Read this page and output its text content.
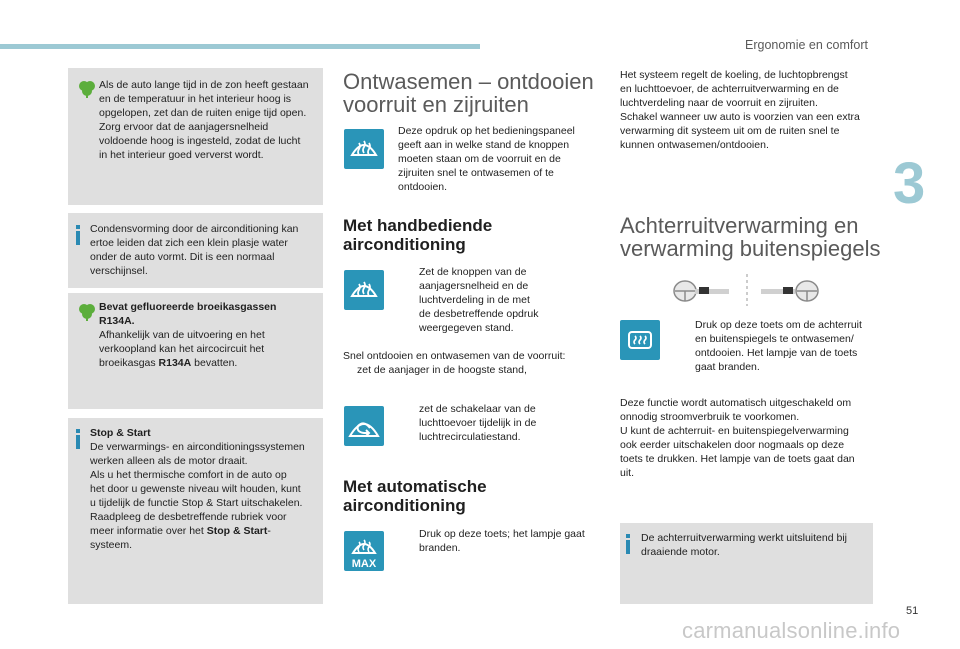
Ergonomie en comfort
3
51
carmanualsonline.info

Als de auto lange tijd in de zon heeft gestaan

en de temperatuur in het interieur hoog is

opgelopen, zet dan de ruiten enige tijd open.

Zorg ervoor dat de aanjagersnelheid

voldoende hoog is ingesteld, zodat de lucht

in het interieur goed ververst wordt.

Condensvorming door de airconditioning kan

ertoe leiden dat zich een klein plasje water

onder de auto vormt. Dit is een normaal

verschijnsel.

Bevat gefluoreerde broeikasgassen

R134A.

Afhankelijk van de uitvoering en het

verkoopland kan het aircocircuit het

broeikasgas R134A bevatten.

Stop & Start

De verwarmings- en airconditioningssystemen

werken alleen als de motor draait.

Als u het thermische comfort in de auto op

het door u gewenste niveau wilt houden, kunt

u tijdelijk de functie Stop & Start uitschakelen.

Raadpleeg de desbetreffende rubriek voor

meer informatie over het Stop & Start-

systeem.

Ontwasemen – ontdooien
voorruit en zijruiten
Deze opdruk op het bedieningspaneel
geeft aan in welke stand de knoppen
moeten staan om de voorruit en de
zijruiten snel te ontwasemen of te
ontdooien.
Met handbediende
airconditioning
Zet de knoppen van de
aanjagersnelheid en de
luchtverdeling in de met
de desbetreffende opdruk
weergegeven stand.
Snel ontdooien en ontwasemen van de voorruit:
zet de aanjager in de hoogste stand,
zet de schakelaar van de
luchttoevoer tijdelijk in de
luchtrecirculatiestand.
Met automatische
airconditioning
MAX
Druk op deze toets; het lampje gaat
branden.
Het systeem regelt de koeling, de luchtopbrengst
en luchttoevoer, de achterruitverwarming en de
luchtverdeling naar de voorruit en zijruiten.
Schakel wanneer uw auto is voorzien van een extra
verwarming dit systeem uit om de ruiten snel te
kunnen ontwasemen/ontdooien.
Achterruitverwarming en
verwarming buitenspiegels
Druk op deze toets om de achterruit
en buitenspiegels te ontwasemen/
ontdooien. Het lampje van de toets
gaat branden.
Deze functie wordt automatisch uitgeschakeld om
onnodig stroomverbruik te voorkomen.
U kunt de achterruit- en buitenspiegelverwarming
ook eerder uitschakelen door nogmaals op deze
toets te drukken. Het lampje van de toets gaat dan
uit.

De achterruitverwarming werkt uitsluitend bij

draaiende motor.
